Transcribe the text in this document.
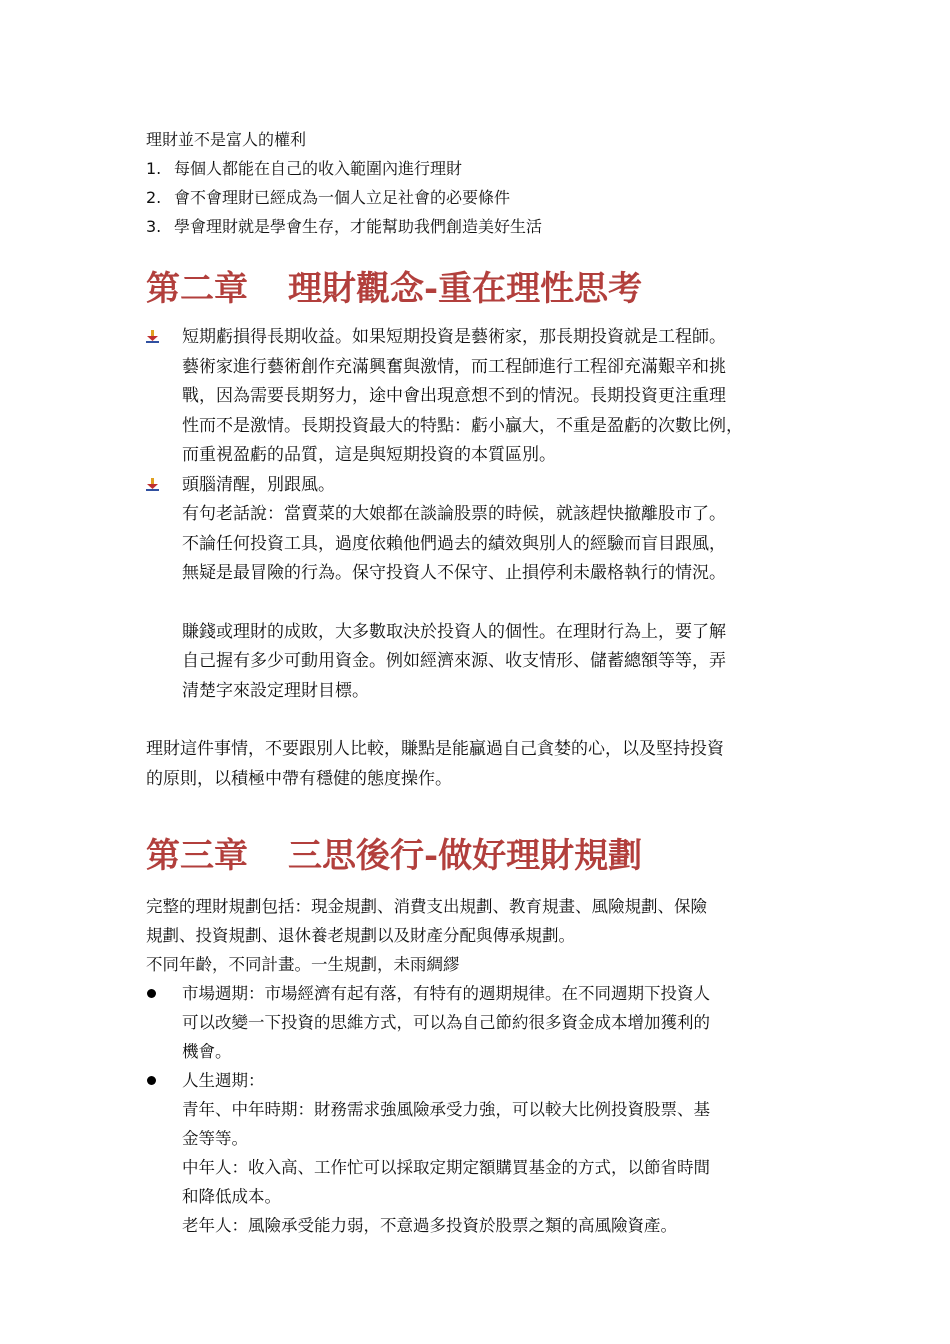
理財並不是富人的權利

1. 每個人都能在自己的收入範圍內進行理財
2. 會不會理財已經成為一個人立足社會的必要條件
3. 學會理財就是學會生存，才能幫助我們創造美好生活
第二章 理財觀念-重在理性思考

短期虧損得長期收益。如果短期投資是藝術家，那長期投資就是工程師。

藝術家進行藝術創作充滿興奮與激情，而工程師進行工程卻充滿艱辛和挑

戰，因為需要長期努力，途中會出現意想不到的情況。長期投資更注重理

性而不是激情。長期投資最大的特點：虧小贏大，不重是盈虧的次數比例，

而重視盈虧的品質，這是與短期投資的本質區別。

頭腦清醒，別跟風。

有句老話說：當賣菜的大娘都在談論股票的時候，就該趕快撤離股市了。

不論任何投資工具，過度依賴他們過去的績效與別人的經驗而盲目跟風，

無疑是最冒險的行為。保守投資人不保守、止損停利未嚴格執行的情況。

賺錢或理財的成敗，大多數取決於投資人的個性。在理財行為上，要了解

自己握有多少可動用資金。例如經濟來源、收支情形、儲蓄總額等等，弄

清楚字來設定理財目標。

理財這件事情，不要跟別人比較，賺點是能贏過自己貪婪的心，以及堅持投資

的原則，以積極中帶有穩健的態度操作。

第三章 三思後行-做好理財規劃

完整的理財規劃包括：現金規劃、消費支出規劃、教育規畫、風險規劃、保險

規劃、投資規劃、退休養老規劃以及財產分配與傳承規劃。

不同年齡，不同計畫。一生規劃，未雨綢繆

市場週期：市場經濟有起有落，有特有的週期規律。在不同週期下投資人

可以改變一下投資的思維方式，可以為自己節約很多資金成本增加獲利的

機會。

人生週期：

青年、中年時期：財務需求強風險承受力強，可以較大比例投資股票、基

金等等。

中年人：收入高、工作忙可以採取定期定額購買基金的方式，以節省時間

和降低成本。

老年人：風險承受能力弱，不意過多投資於股票之類的高風險資產。
